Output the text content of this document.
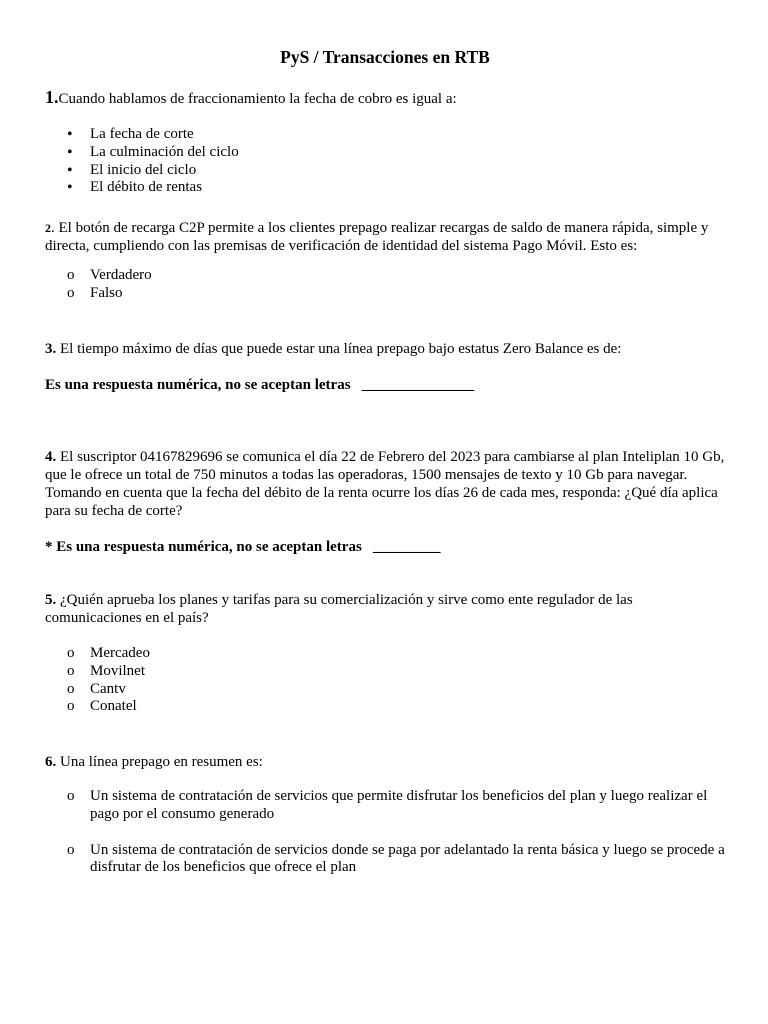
PyS / Transacciones en RTB
1.Cuando hablamos de fraccionamiento la fecha de cobro es igual a:
• La fecha de corte
• La culminación del ciclo
• El inicio del ciclo
• El débito de rentas
2. El botón de recarga C2P permite a los clientes prepago realizar recargas de saldo de manera rápida, simple y directa, cumpliendo con las premisas de verificación de identidad del sistema Pago Móvil. Esto es:
o Verdadero
o Falso
3. El tiempo máximo de días que puede estar una línea prepago bajo estatus Zero Balance es de:
Es una respuesta numérica, no se aceptan letras   _______________
4. El suscriptor 04167829696 se comunica el día 22 de Febrero del 2023 para cambiarse al plan Inteliplan 10 Gb, que le ofrece un total de 750 minutos a todas las operadoras, 1500 mensajes de texto y 10 Gb para navegar. Tomando en cuenta que la fecha del débito de la renta ocurre los días 26 de cada mes, responda: ¿Qué día aplica para su fecha de corte?
* Es una respuesta numérica, no se aceptan letras   _________
5. ¿Quién aprueba los planes y tarifas para su comercialización y sirve como ente regulador de las comunicaciones en el país?
o Mercadeo
o Movilnet
o Cantv
o Conatel
6. Una línea prepago en resumen es:
o Un sistema de contratación de servicios que permite disfrutar los beneficios del plan y luego realizar el pago por el consumo generado
o Un sistema de contratación de servicios donde se paga por adelantado la renta básica y luego se procede a disfrutar de los beneficios que ofrece el plan
